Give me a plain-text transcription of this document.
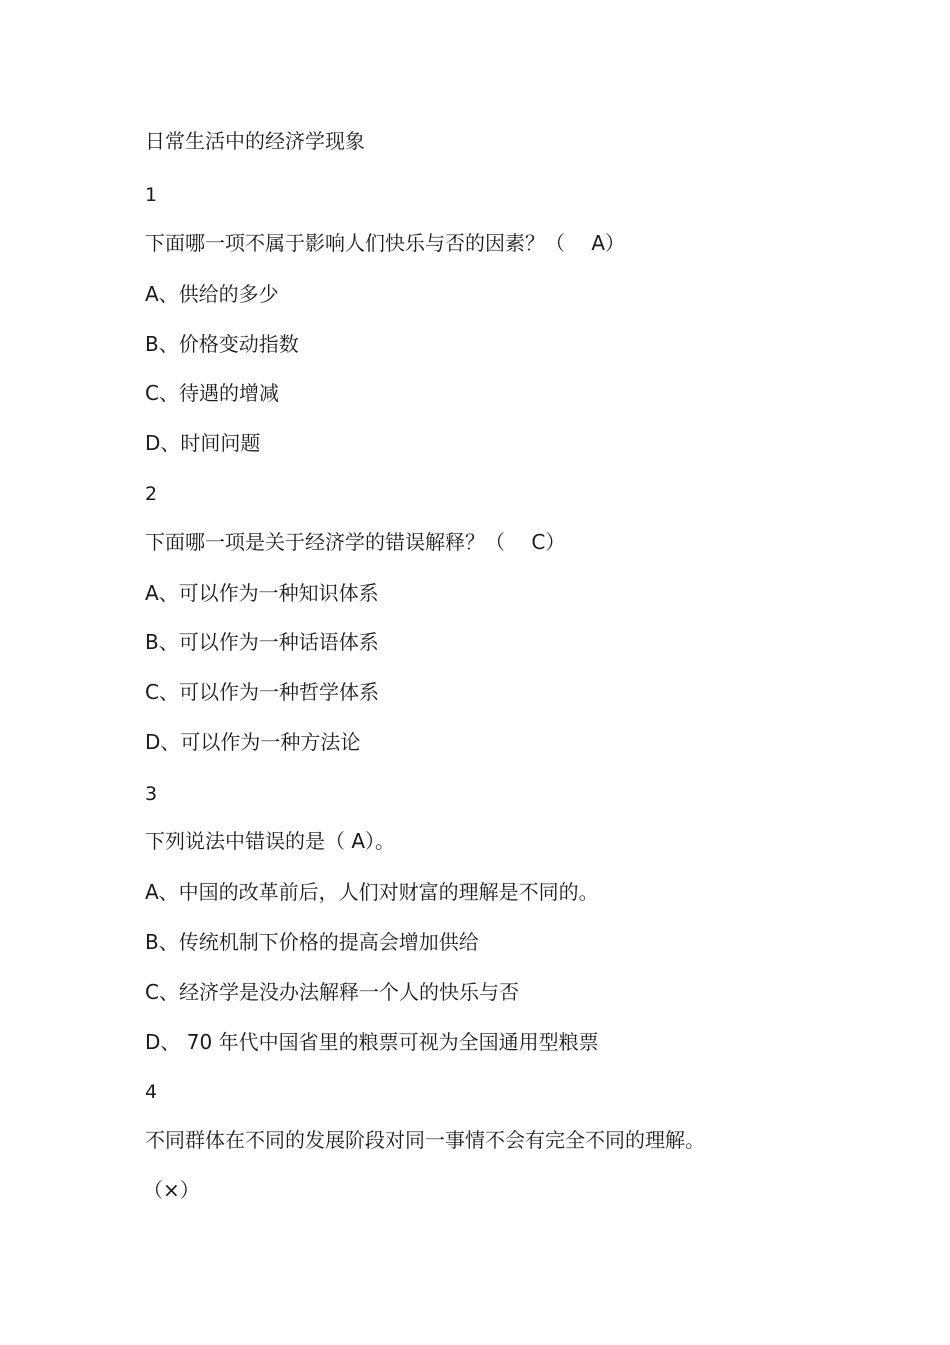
日常生活中的经济学现象
1
下面哪一项不属于影响人们快乐与否的因素？（　 A）
A、供给的多少
B、价格变动指数
C、待遇的增减
D、时间问题
2
下面哪一项是关于经济学的错误解释？（　 C）
A、可以作为一种知识体系
B、可以作为一种话语体系
C、可以作为一种哲学体系
D、可以作为一种方法论
3
下列说法中错误的是（ A）。
A、中国的改革前后，人们对财富的理解是不同的。
B、传统机制下价格的提高会增加供给
C、经济学是没办法解释一个人的快乐与否
D、 70 年代中国省里的粮票可视为全国通用型粮票
4
不同群体在不同的发展阶段对同一事情不会有完全不同的理解。
（×）
